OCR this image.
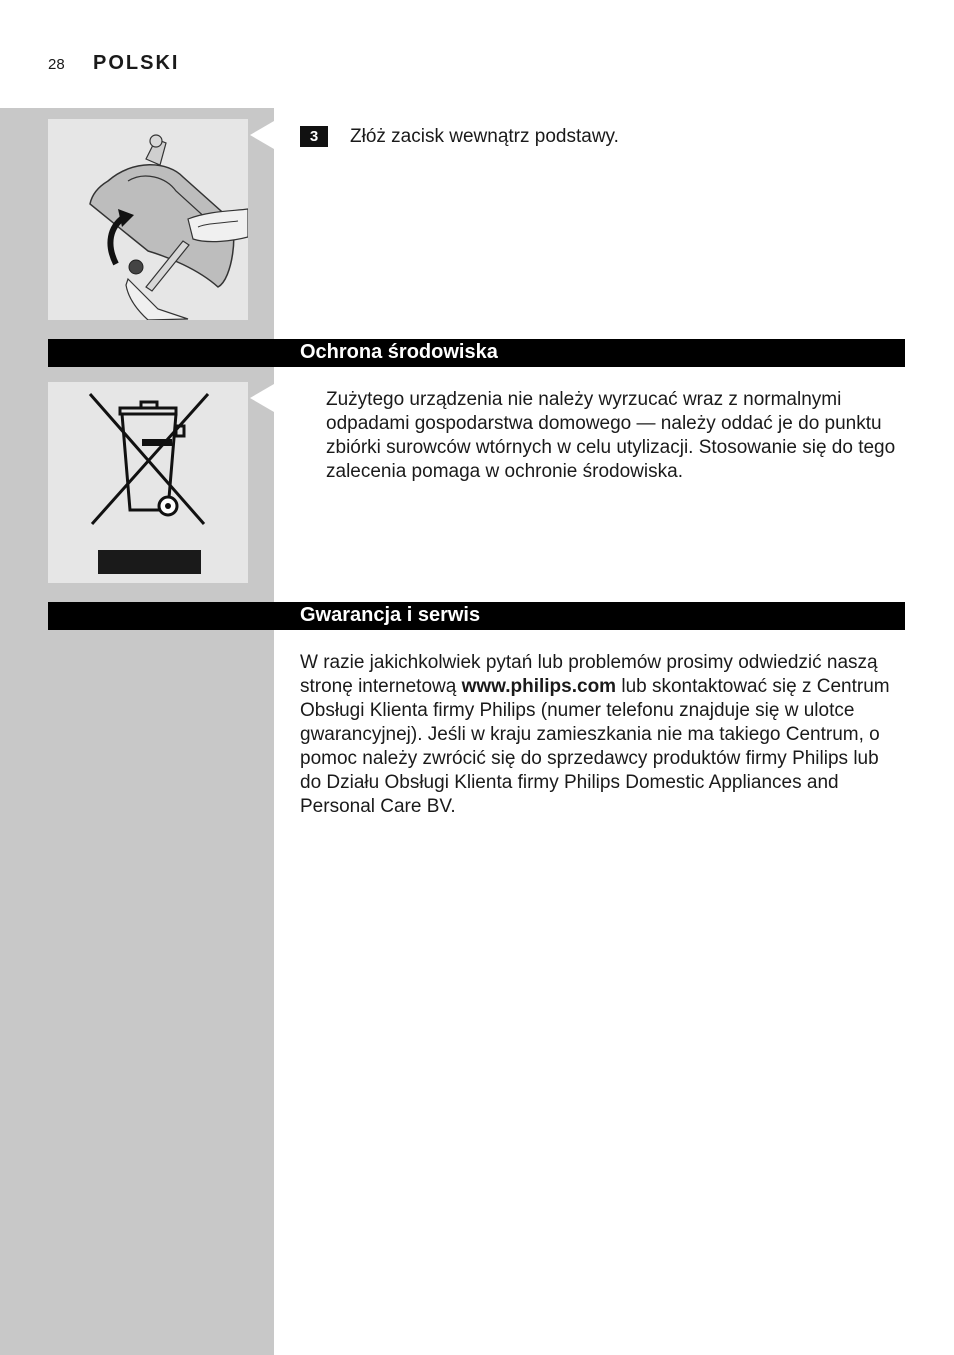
28 POLSKI
3	Złóż zacisk wewnątrz podstawy.
Ochrona środowiska
Zużytego urządzenia nie należy wyrzucać wraz z normalnymi odpadami gospodarstwa domowego — należy oddać je do punktu zbiórki surowców wtórnych w celu utylizacji. Stosowanie się do tego zalecenia pomaga w ochronie środowiska.
Gwarancja i serwis
W razie jakichkolwiek pytań lub problemów prosimy odwiedzić naszą stronę internetową www.philips.com lub skontaktować się z Centrum Obsługi Klienta firmy Philips (numer telefonu znajduje się w ulotce gwarancyjnej). Jeśli w kraju zamieszkania nie ma takiego Centrum, o pomoc należy zwrócić się do sprzedawcy produktów firmy Philips lub do Działu Obsługi Klienta firmy Philips Domestic Appliances and Personal Care BV.
